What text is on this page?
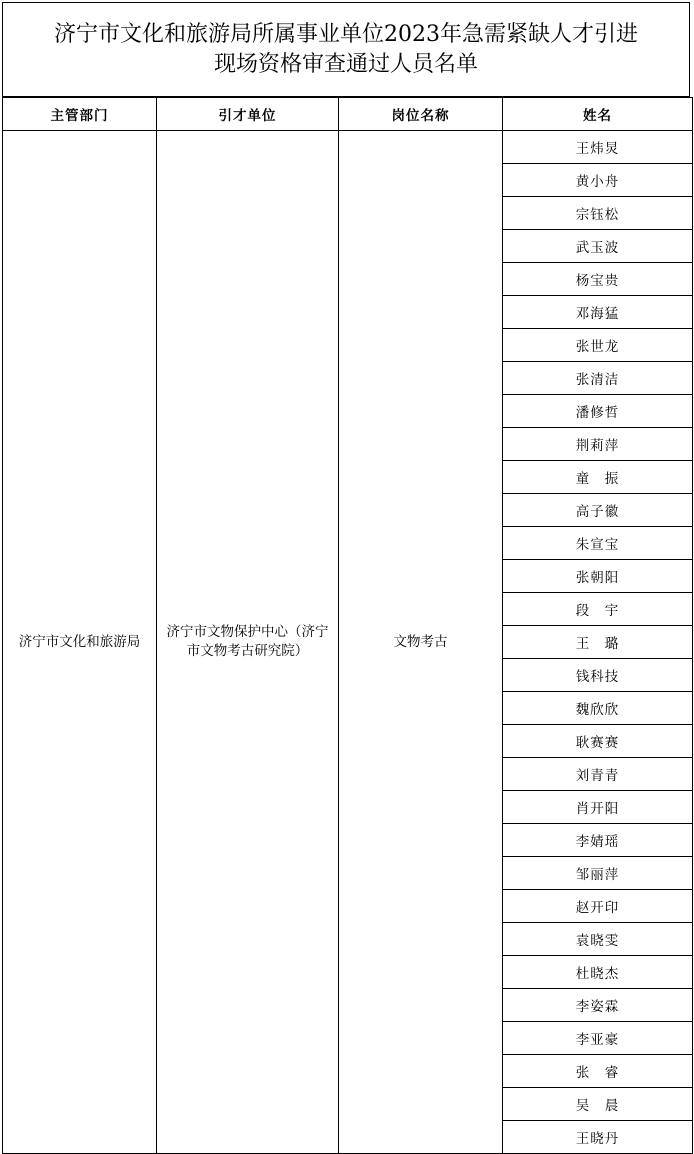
济宁市文化和旅游局所属事业单位2023年急需紧缺人才引进
现场资格审查通过人员名单
主管部门	引才单位	岗位名称	姓名
济宁市文化和旅游局	济宁市文物保护中心（济宁市文物考古研究院）	文物考古	王炜炅
			黄小舟
			宗钰松
			武玉波
			杨宝贵
			邓海猛
			张世龙
			张清洁
			潘修哲
			荆莉萍
			童　振
			高子徽
			朱宣宝
			张朝阳
			段　宇
			王　璐
			钱科技
			魏欣欣
			耿赛赛
			刘青青
			肖开阳
			李婧瑶
			邹丽萍
			赵开印
			袁晓雯
			杜晓杰
			李姿霖
			李亚豪
			张　睿
			吴　晨
			王晓丹
